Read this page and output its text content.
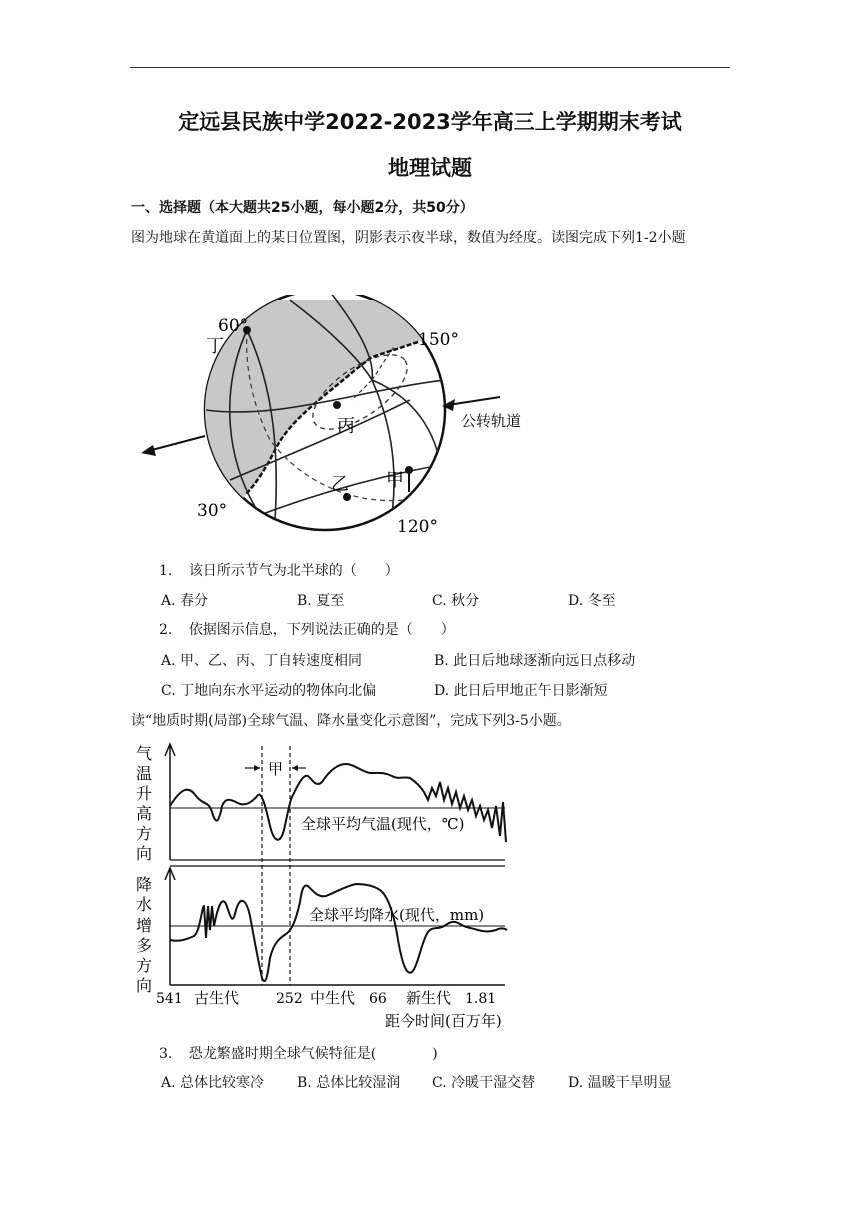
定远县民族中学2022-2023学年高三上学期期末考试
地理试题
一、选择题（本大题共25小题，每小题2分，共50分）
图为地球在黄道面上的某日位置图，阴影表示夜半球，数值为经度。读图完成下列1-2小题
60°
丁	150°
丙
乙 甲
30°
120°
公转轨道
1. 该日所示节气为北半球的（　　）
A. 春分	B. 夏至	C. 秋分	D. 冬至
2. 依据图示信息，下列说法正确的是（　　）
A. 甲、乙、丙、丁自转速度相同	B. 此日后地球逐渐向远日点移动
C. 丁地向东水平运动的物体向北偏	D. 此日后甲地正午日影渐短
读“地质时期(局部)全球气温、降水量变化示意图”，完成下列3-5小题。
气
温
升
高
方
向
降
水
增
多
方
向
甲
全球平均气温(现代，℃)
全球平均降水(现代，mm)
541 古生代	252 中生代 66 新生代 1.81
距今时间(百万年)
3. 恐龙繁盛时期全球气候特征是(　　　　)
A. 总体比较寒冷 B. 总体比较湿润 C. 冷暖干湿交替 D. 温暖干旱明显
